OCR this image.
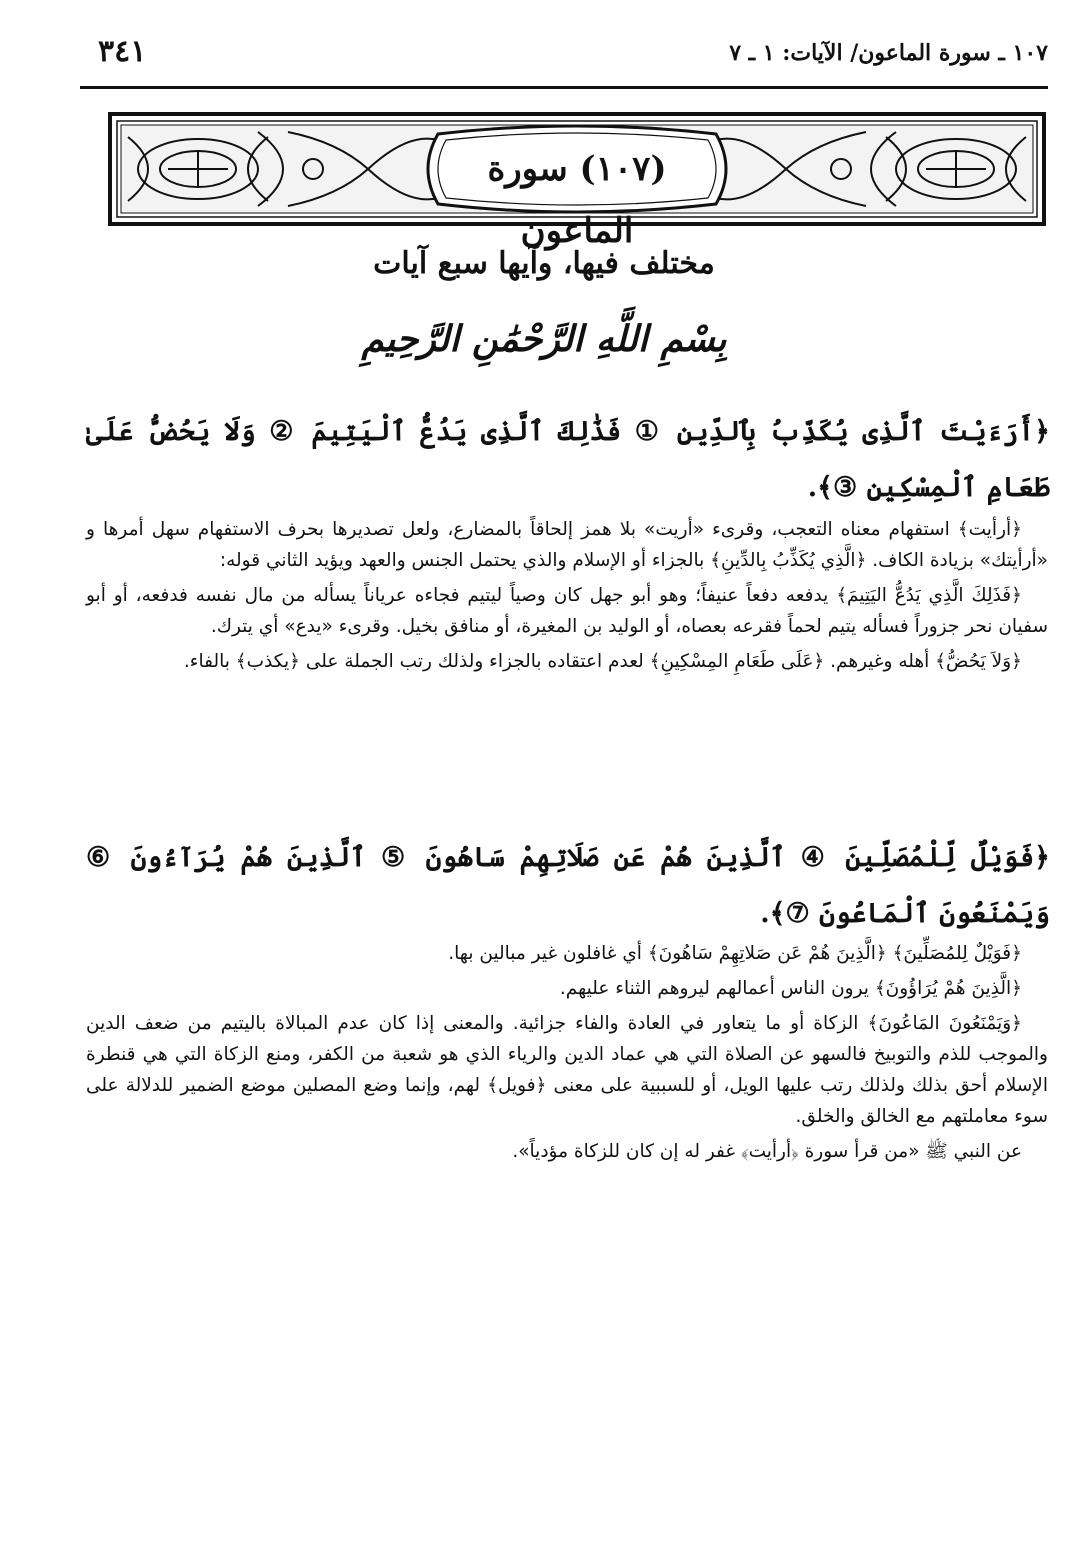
٣٤١	١٠٧ ـ سورة الماعون/ الآيات: ١ ـ ٧
(١٠٧) سورة الماعون
مختلف فيها، وآيها سبع آيات
بِسْمِ اللَّهِ الرَّحْمَٰنِ الرَّحِيمِ
﴿أَرَءَيْتَ ٱلَّذِى يُكَذِّبُ بِٱلدِّينِ ① فَذَٰلِكَ ٱلَّذِى يَدُعُّ ٱلْيَتِيمَ ② وَلَا يَحُضُّ عَلَىٰ طَعَامِ ٱلْمِسْكِينِ ③﴾.

﴿أرأيت﴾ استفهام معناه التعجب، وقرىء «أريت» بلا همز إلحاقاً بالمضارع، ولعل تصديرها بحرف الاستفهام سهل أمرها و «أرأيتك» بزيادة الكاف. ﴿الَّذِي يُكَذِّبُ بِالدِّينِ﴾ بالجزاء أو الإسلام والذي يحتمل الجنس والعهد ويؤيد الثاني قوله:

﴿فَذَلِكَ الَّذِي يَدُعُّ اليَتِيمَ﴾ يدفعه دفعاً عنيفاً؛ وهو أبو جهل كان وصياً ليتيم فجاءه عرياناً يسأله من مال نفسه فدفعه، أو أبو سفيان نحر جزوراً فسأله يتيم لحماً فقرعه بعصاه، أو الوليد بن المغيرة، أو منافق بخيل. وقرىء «يدع» أي يترك.

﴿وَلاَ يَحُضُّ﴾ أهله وغيرهم. ﴿عَلَى طَعَامِ المِسْكِينِ﴾ لعدم اعتقاده بالجزاء ولذلك رتب الجملة على ﴿يكذب﴾ بالفاء.

﴿فَوَيْلٌ لِّلْمُصَلِّينَ ④ ٱلَّذِينَ هُمْ عَن صَلَاتِهِمْ سَاهُونَ ⑤ ٱلَّذِينَ هُمْ يُرَآءُونَ ⑥ وَيَمْنَعُونَ ٱلْمَاعُونَ ⑦﴾.

﴿فَوَيْلٌ لِلمُصَلِّينَ﴾ ﴿الَّذِينَ هُمْ عَن صَلاتِهِمْ سَاهُونَ﴾ أي غافلون غير مبالين بها.

﴿الَّذِينَ هُمْ يُرَاؤُونَ﴾ يرون الناس أعمالهم ليروهم الثناء عليهم.

﴿وَيَمْنَعُونَ المَاعُونَ﴾ الزكاة أو ما يتعاور في العادة والفاء جزائية. والمعنى إذا كان عدم المبالاة باليتيم من ضعف الدين والموجب للذم والتوبيخ فالسهو عن الصلاة التي هي عماد الدين والرياء الذي هو شعبة من الكفر، ومنع الزكاة التي هي قنطرة الإسلام أحق بذلك ولذلك رتب عليها الويل، أو للسببية على معنى ﴿فويل﴾ لهم، وإنما وضع المصلين موضع الضمير للدلالة على سوء معاملتهم مع الخالق والخلق.

عن النبي ﷺ «من قرأ سورة ﴿أرأيت﴾ غفر له إن كان للزكاة مؤدياً».
